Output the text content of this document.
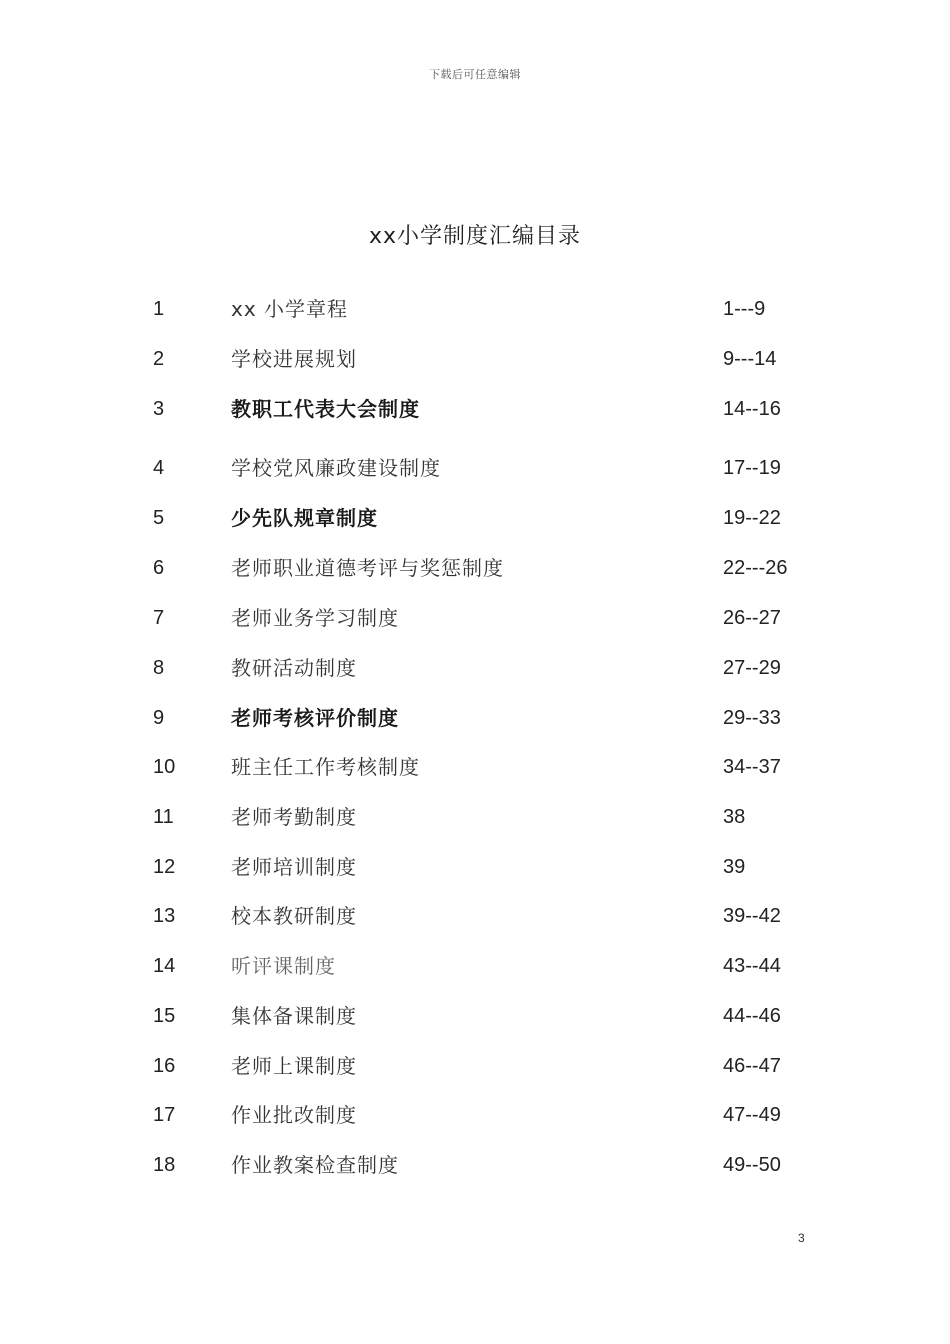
下载后可任意编辑
xx小学制度汇编目录
1	xx 小学章程	1---9
2	学校进展规划	9---14
3	教职工代表大会制度	14--16
4	学校党风廉政建设制度	17--19
5	少先队规章制度	19--22
6	老师职业道德考评与奖惩制度	22---26
7	老师业务学习制度	26--27
8	教研活动制度	27--29
9	老师考核评价制度	29--33
10	班主任工作考核制度	34--37
11	老师考勤制度	38
12	老师培训制度	39
13	校本教研制度	39--42
14	听评课制度	43--44
15	集体备课制度	44--46
16	老师上课制度	46--47
17	作业批改制度	47--49
18	作业教案检查制度	49--50
3
